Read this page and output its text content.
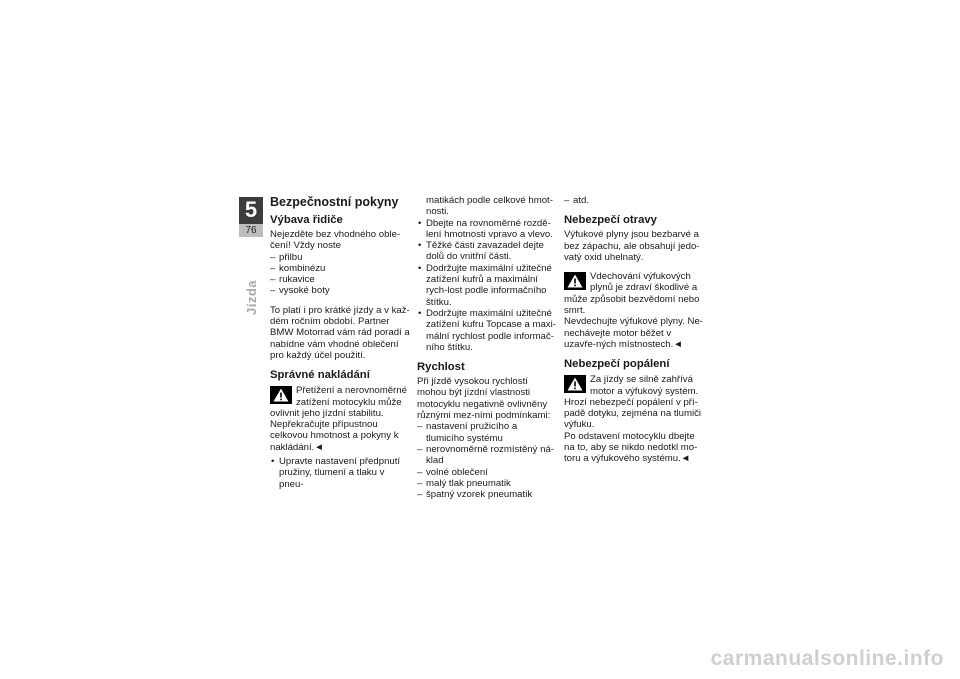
5
76
Jízda
Bezpečnostní pokyny
Výbava řidiče

Nejezděte bez vhodného oble-čení! Vždy noste

– přilbu
– kombinézu
– rukavice
– vysoké boty

To platí i pro krátké jízdy a v kaž-dém ročním období. Partner BMW Motorrad vám rád poradí a nabídne vám vhodné oblečení pro každý účel použití.

Správné nakládání
Přetížení a nerovnoměrné zatížení motocyklu může ovlivnit jeho jízdní stabilitu. Nepřekračujte přípustnou celkovou hmotnost a pokyny k nakládání.◄
• Upravte nastavení předpnutí pružiny, tlumení a tlaku v pneu-

matikách podle celkové hmot-nosti.

• Dbejte na rovnoměrné rozdě-lení hmotnosti vpravo a vlevo.
• Těžké části zavazadel dejte dolů do vnitřní části.
• Dodržujte maximální užitečné zatížení kufrů a maximální rych-lost podle informačního štítku.
• Dodržujte maximální užitečné zatížení kufru Topcase a maxi-mální rychlost podle informač-ního štítku.
Rychlost

Při jízdě vysokou rychlostí mohou být jízdní vlastnosti motocyklu negativně ovlivněny různými mez-ními podmínkami:

– nastavení pružicího a tlumicího systému
– nerovnoměrně rozmístěný ná-klad
– volné oblečení
– malý tlak pneumatik
– špatný vzorek pneumatik
– atd.
Nebezpečí otravy

Výfukové plyny jsou bezbarvé a bez zápachu, ale obsahují jedo-vatý oxid uhelnatý.

Vdechování výfukových plynů je zdraví škodlivé a může způsobit bezvědomí nebo smrt.

Nevdechujte výfukové plyny. Ne-nechávejte motor běžet v uzavře-ných místnostech.◄

Nebezpečí popálení
Za jízdy se silně zahřívá motor a výfukový systém. Hrozí nebezpečí popálení v pří-padě dotyku, zejména na tlumiči výfuku.

Po odstavení motocyklu dbejte na to, aby se nikdo nedotkl mo-toru a výfukového systému.◄

carmanualsonline.info
